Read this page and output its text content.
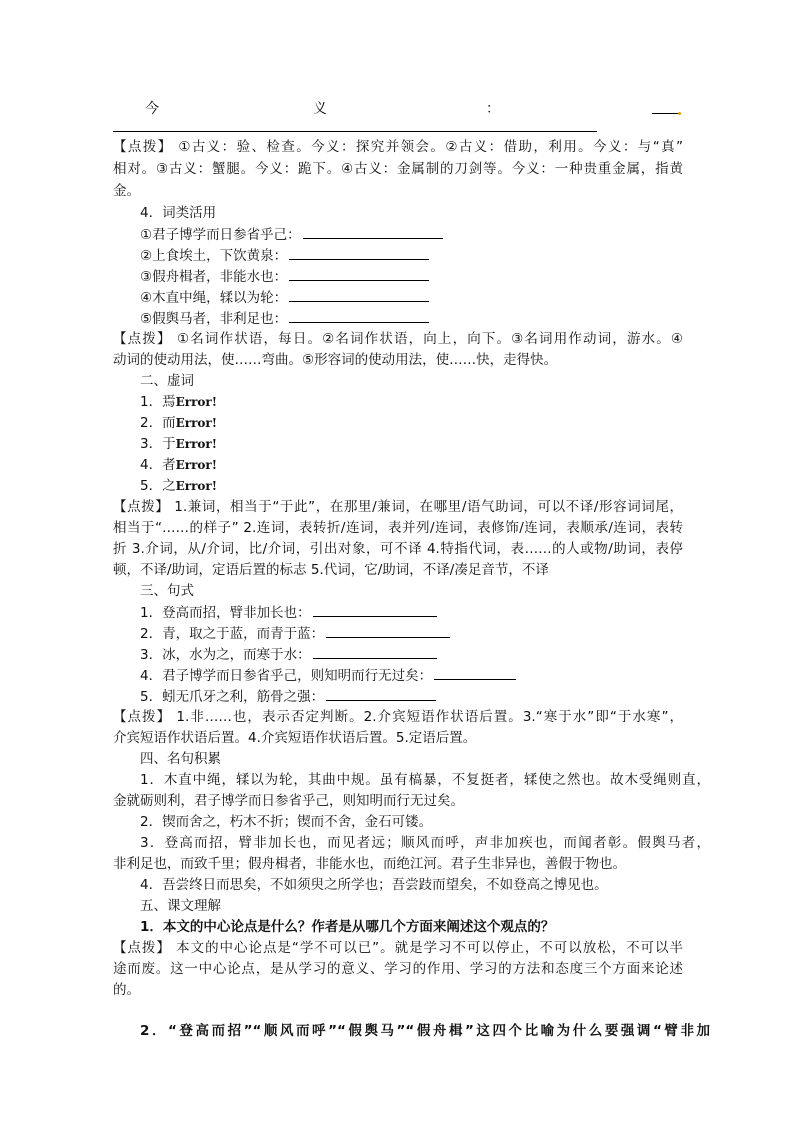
今	义	：
【点拨】 ①古义：验、检查。今义：探究并领会。②古义：借助，利用。今义：与“真”
相对。③古义：蟹腿。今义：跪下。④古义：金属制的刀剑等。今义：一种贵重金属，指黄
金。
4．词类活用
①君子博学而日参省乎己：
②上食埃土，下饮黄泉：
③假舟楫者，非能水也：
④木直中绳，𫐓以为轮：
⑤假舆马者，非利足也：
【点拨】 ①名词作状语，每日。②名词作状语，向上，向下。③名词用作动词，游水。④
动词的使动用法，使……弯曲。⑤形容词的使动用法，使……快，走得快。
二、虚词
1．焉Error!
2．而Error!
3．于Error!
4．者Error!
5．之Error!
【点拨】 1.兼词，相当于“于此”，在那里/兼词，在哪里/语气助词，可以不译/形容词词尾，
相当于“……的样子” 2.连词，表转折/连词，表并列/连词，表修饰/连词，表顺承/连词，表转
折 3.介词，从/介词，比/介词，引出对象，可不译 4.特指代词，表……的人或物/助词，表停
顿，不译/助词，定语后置的标志 5.代词，它/助词，不译/凑足音节，不译
三、句式
1．登高而招，臂非加长也：
2．青，取之于蓝，而青于蓝：
3．冰，水为之，而寒于水：
4．君子博学而日参省乎己，则知明而行无过矣：
5．蚓无爪牙之利，筋骨之强：
【点拨】 1.非……也，表示否定判断。2.介宾短语作状语后置。3.“寒于水”即“于水寒”，
介宾短语作状语后置。4.介宾短语作状语后置。5.定语后置。
四、名句积累
1．木直中绳，𫐓以为轮，其曲中规。虽有槁暴，不复挺者，𫐓使之然也。故木受绳则直，
金就砺则利，君子博学而日参省乎己，则知明而行无过矣。
2．锲而舍之，朽木不折；锲而不舍，金石可镂。
3．登高而招，臂非加长也，而见者远；顺风而呼，声非加疾也，而闻者彰。假舆马者，
非利足也，而致千里；假舟楫者，非能水也，而绝江河。君子生非异也，善假于物也。
4．吾尝终日而思矣，不如须臾之所学也；吾尝跂而望矣，不如登高之博见也。
五、课文理解
1．本文的中心论点是什么？作者是从哪几个方面来阐述这个观点的？
【点拨】 本文的中心论点是“学不可以已”。就是学习不可以停止，不可以放松，不可以半
途而废。这一中心论点，是从学习的意义、学习的作用、学习的方法和态度三个方面来论述
的。
2．“登高而招”“顺风而呼”“假舆马”“假舟楫”这四个比喻为什么要强调“臂非加
